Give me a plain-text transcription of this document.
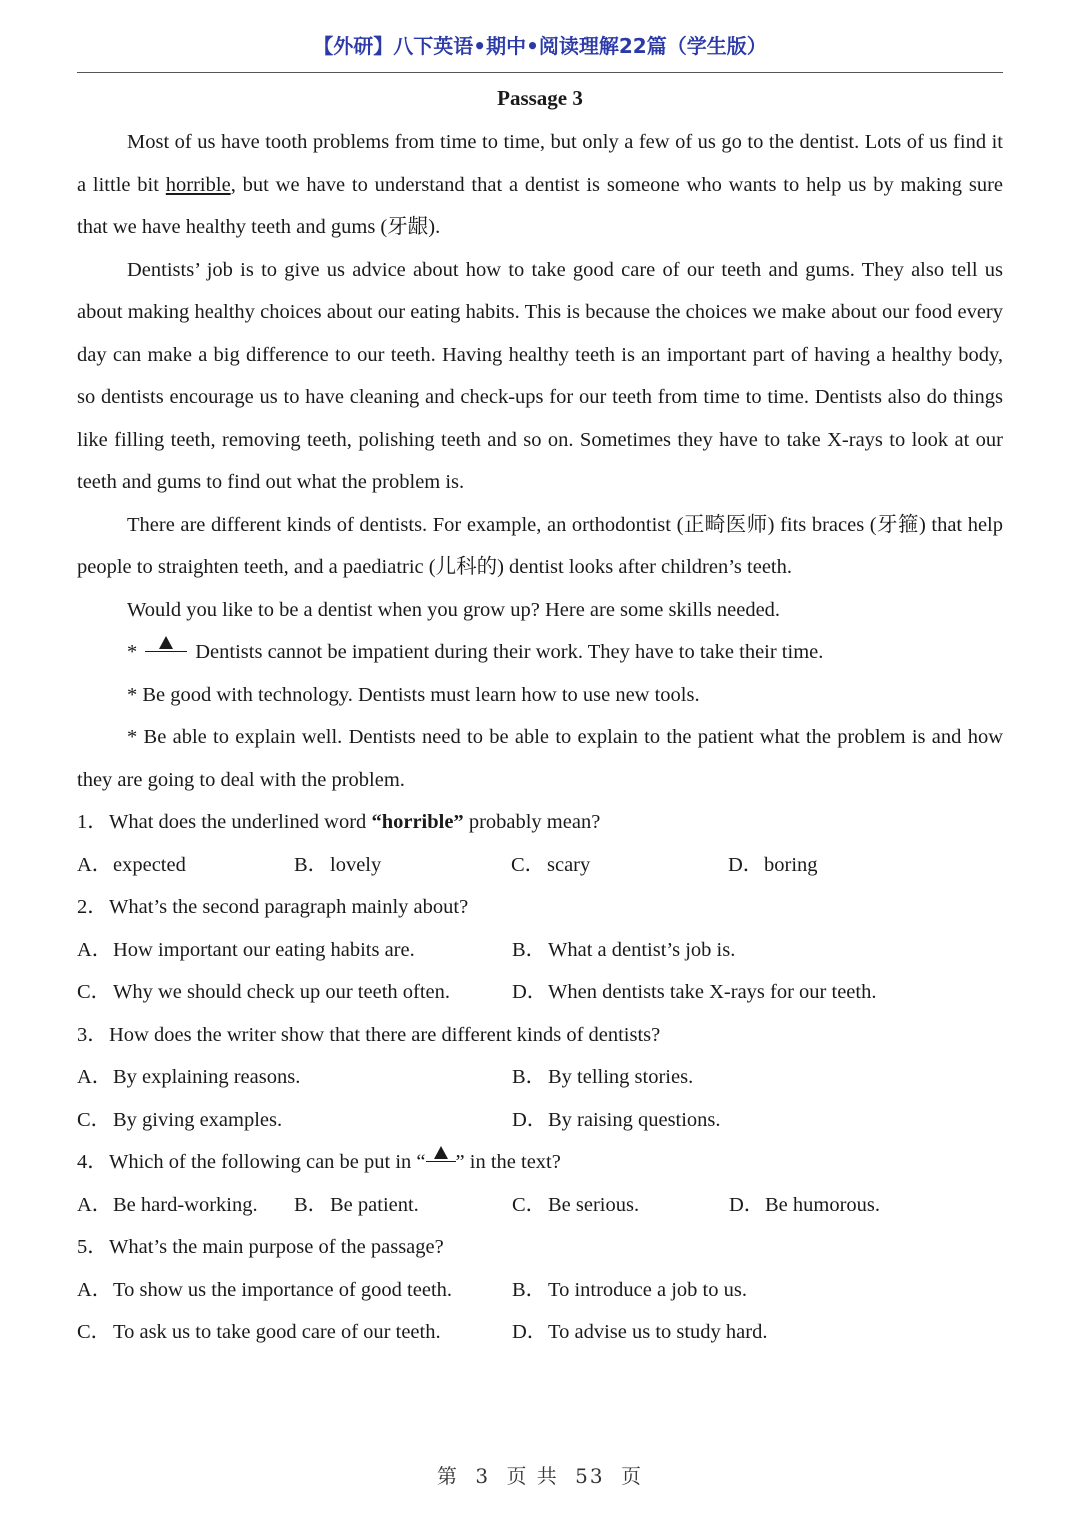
【外研】八下英语•期中•阅读理解22篇（学生版）
Passage 3

Most of us have tooth problems from time to time, but only a few of us go to the dentist. Lots of us find it a little bit horrible, but we have to understand that a dentist is someone who wants to help us by making sure that we have healthy teeth and gums (牙龈).

Dentists’ job is to give us advice about how to take good care of our teeth and gums. They also tell us about making healthy choices about our eating habits. This is because the choices we make about our food every day can make a big difference to our teeth. Having healthy teeth is an important part of having a healthy body, so dentists encourage us to have cleaning and check-ups for our teeth from time to time. Dentists also do things like filling teeth, removing teeth, polishing teeth and so on. Sometimes they have to take X-rays to look at our teeth and gums to find out what the problem is.

There are different kinds of dentists. For example, an orthodontist (正畸医师) fits braces (牙箍) that help people to straighten teeth, and a paediatric (儿科的) dentist looks after children’s teeth.

Would you like to be a dentist when you grow up? Here are some skills needed.

*	Dentists cannot be impatient during their work. They have to take their time.

* Be good with technology. Dentists must learn how to use new tools.

* Be able to explain well. Dentists need to be able to explain to the patient what the problem is and how they are going to deal with the problem.

1．What does the underlined word “horrible” probably mean?
A．expected	B．lovely	C．scary	D．boring
2．What’s the second paragraph mainly about?
A．How important our eating habits are.	B．What a dentist’s job is.
C．Why we should check up our teeth often.	D．When dentists take X-rays for our teeth.
3．How does the writer show that there are different kinds of dentists?
A．By explaining reasons.	B．By telling stories.
C．By giving examples.	D．By raising questions.
4．Which of the following can be put in “ ” in the text?
A．Be hard-working.	B．Be patient.	C．Be serious.	D．Be humorous.
5．What’s the main purpose of the passage?
A．To show us the importance of good teeth.	B．To introduce a job to us.
C．To ask us to take good care of our teeth.	D．To advise us to study hard.
第 3 页 共 53 页
